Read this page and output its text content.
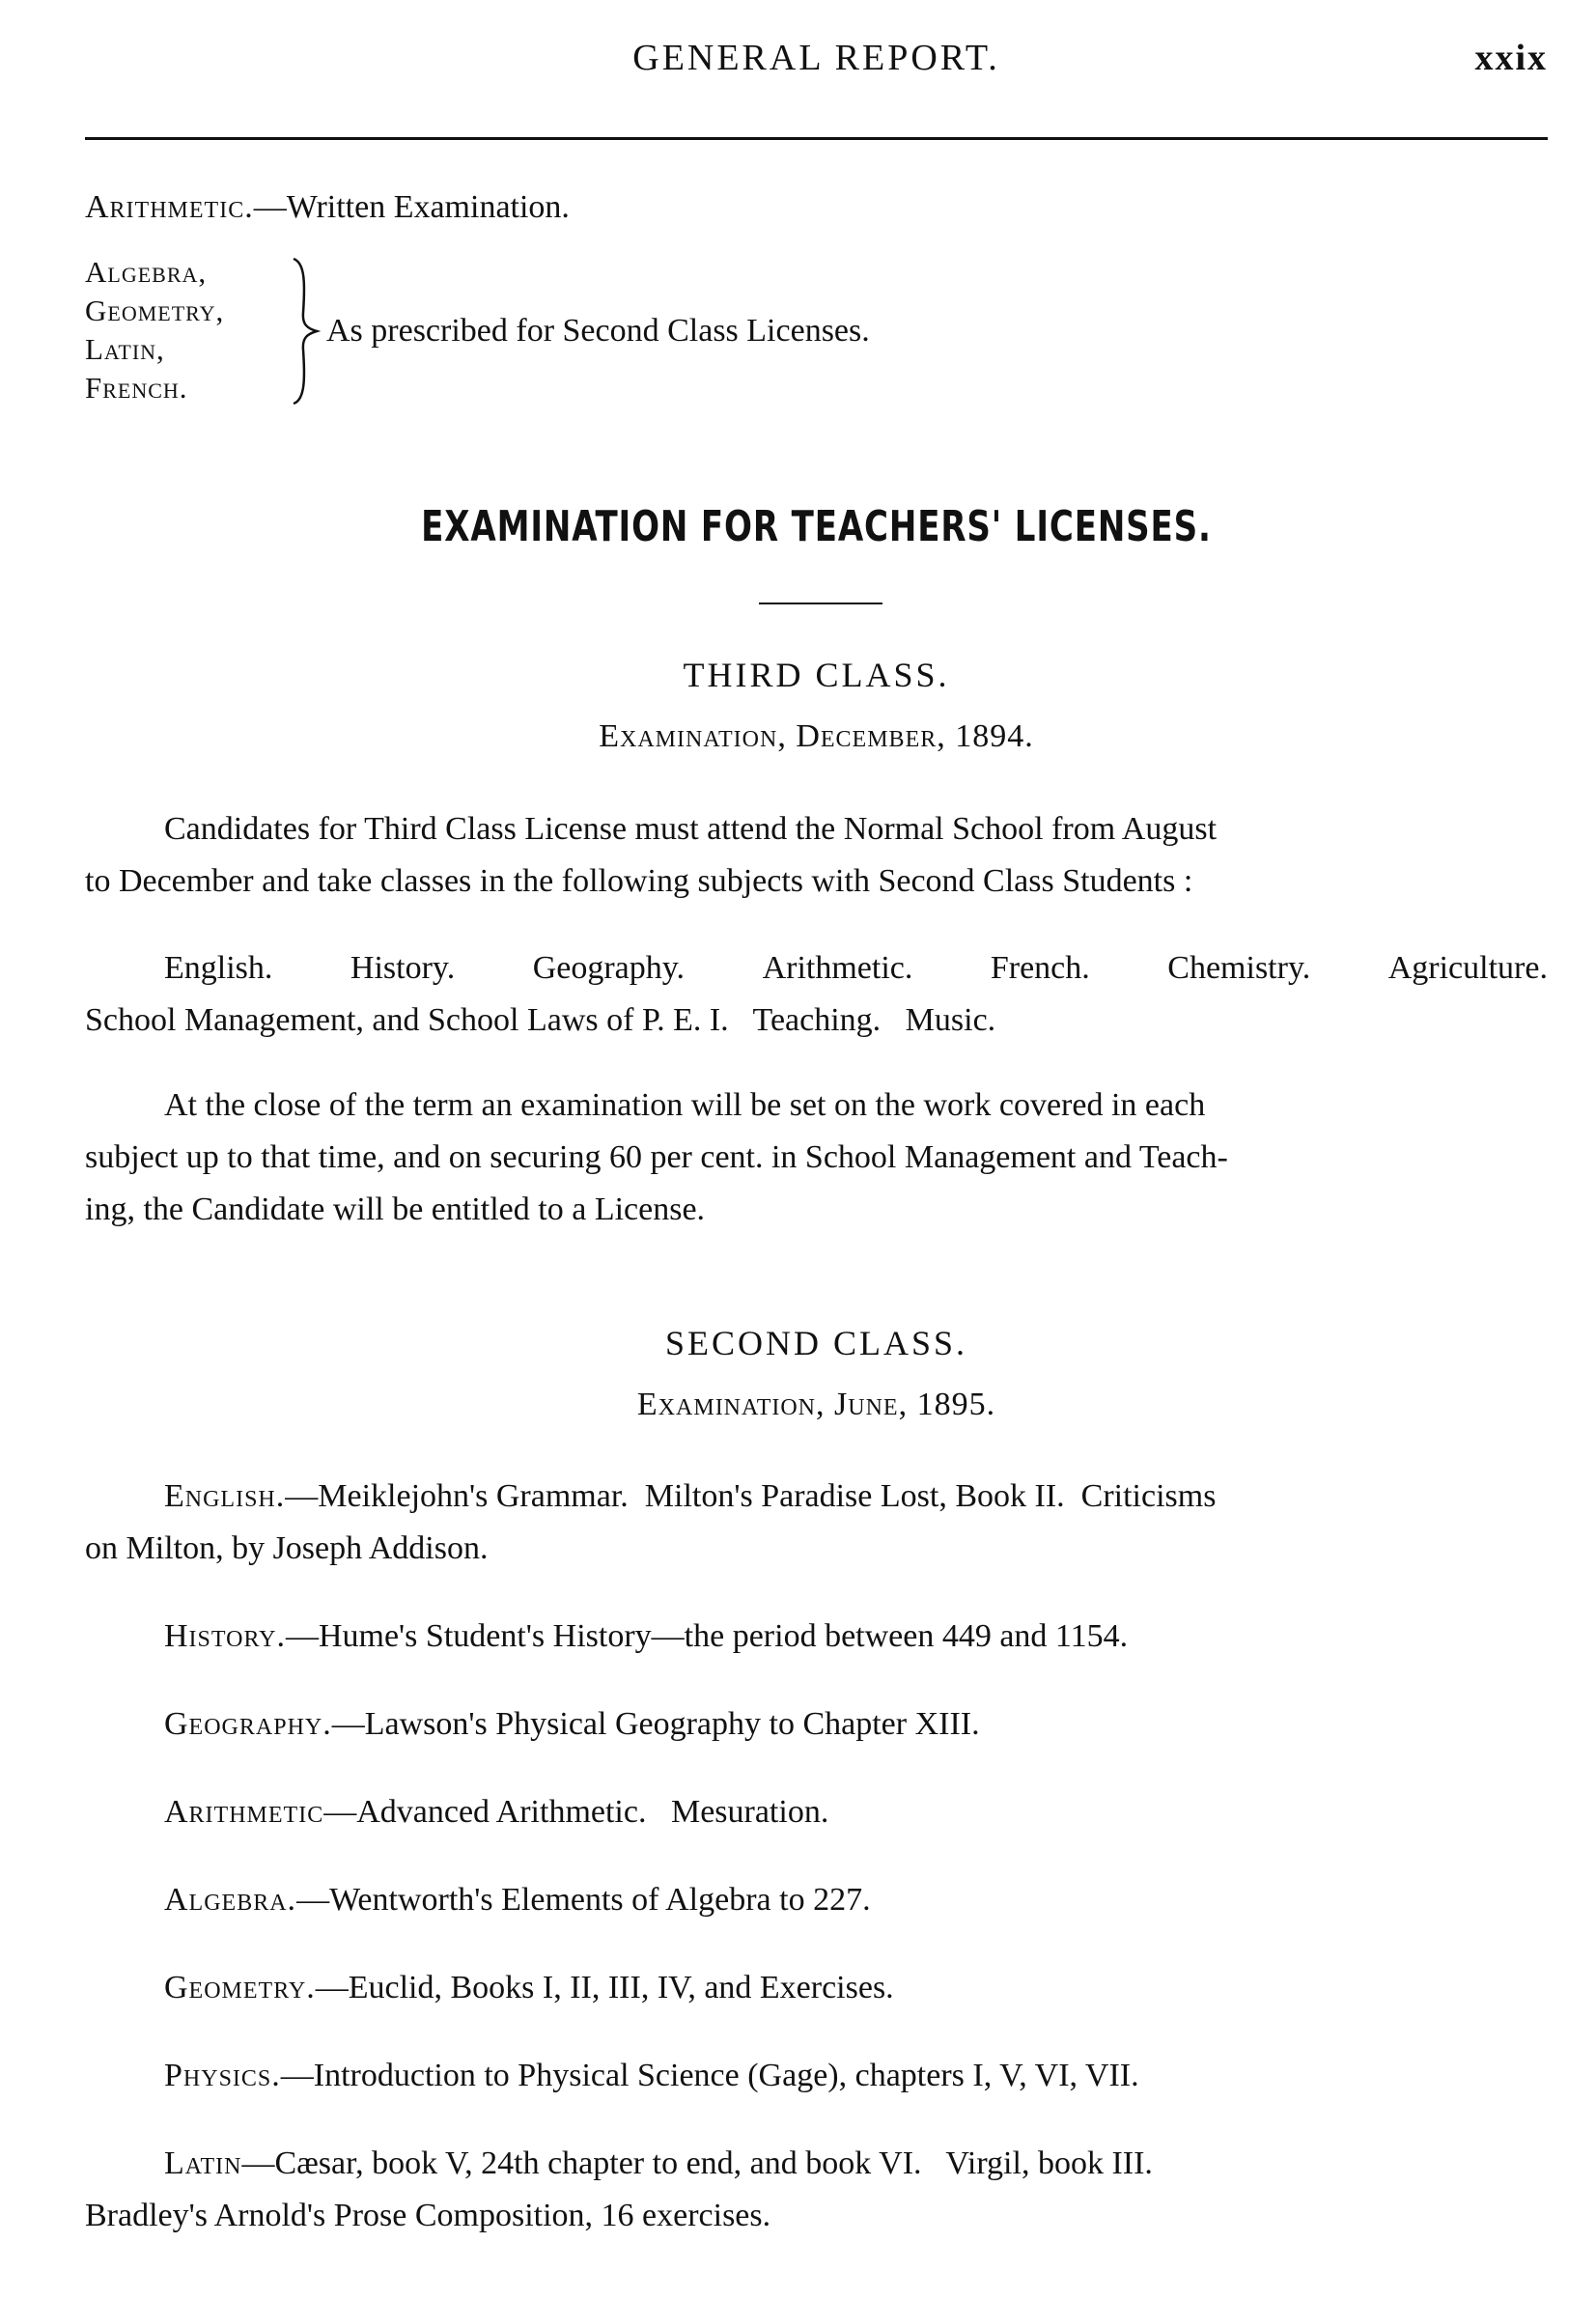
GENERAL REPORT.	xxix
Arithmetic.—Written Examination.
Algebra,
Geometry,
Latin,
French.
As prescribed for Second Class Licenses.
EXAMINATION FOR TEACHERS' LICENSES.
THIRD CLASS.
Examination, December, 1894.
Candidates for Third Class License must attend the Normal School from August
to December and take classes in the following subjects with Second Class Students :
English. History. Geography. Arithmetic. French. Chemistry. Agriculture.
School Management, and School Laws of P. E. I.   Teaching.   Music.
At the close of the term an examination will be set on the work covered in each
subject up to that time, and on securing 60 per cent. in School Management and Teach-
ing, the Candidate will be entitled to a License.
SECOND CLASS.
Examination, June, 1895.
English.—Meiklejohn's Grammar.  Milton's Paradise Lost, Book II.  Criticisms
on Milton, by Joseph Addison.
History.—Hume's Student's History—the period between 449 and 1154.
Geography.—Lawson's Physical Geography to Chapter XIII.
Arithmetic—Advanced Arithmetic.   Mesuration.
Algebra.—Wentworth's Elements of Algebra to 227.
Geometry.—Euclid, Books I, II, III, IV, and Exercises.
Physics.—Introduction to Physical Science (Gage), chapters I, V, VI, VII.
Latin—Cæsar, book V, 24th chapter to end, and book VI.   Virgil, book III.
Bradley's Arnold's Prose Composition, 16 exercises.
